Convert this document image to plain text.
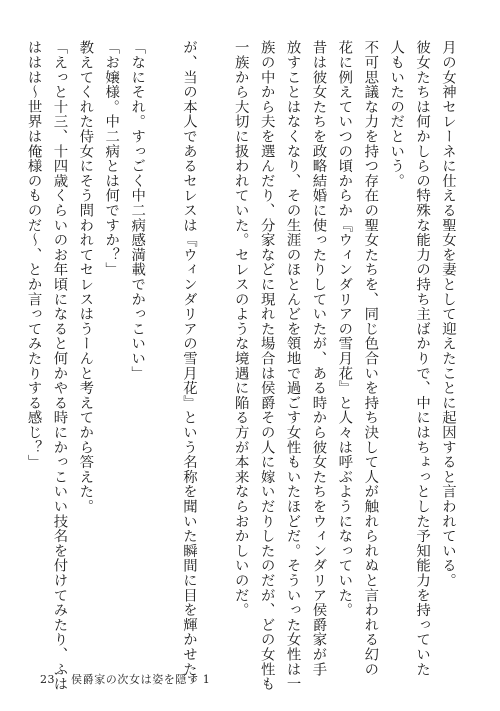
月の女神セレーネに仕える聖女を妻として迎えたことに起因すると言われている。
彼女たちは何かしらの特殊な能力の持ち主ばかりで、中にはちょっとした予知能力を持っていた
人もいたのだという。
不可思議な力を持つ存在の聖女たちを、同じ色合いを持ち決して人が触れられぬと言われる幻の
花に例えていつの頃からか『ウィンダリアの雪月花』と人々は呼ぶようになっていた。
昔は彼女たちを政略結婚に使ったりしていたが、ある時から彼女たちをウィンダリア侯爵家が手
放すことはなくなり、その生涯のほとんどを領地で過ごす女性もいたほどだ。そういった女性は一
族の中から夫を選んだり、分家などに現れた場合は侯爵その人に嫁いだりしたのだが、どの女性も
一族から大切に扱われていた。セレスのような境遇に陥る方が本来ならおかしいのだ。
が、当の本人であるセレスは『ウィンダリアの雪月花』という名称を聞いた瞬間に目を輝かせた。
「なにそれ。すっごく中二病感満載でかっこいい」
「お嬢様。中二病とは何ですか？」
教えてくれた侍女にそう問われてセレスはうーんと考えてから答えた。
「えっと十三、十四歳くらいのお年頃になると何かやる時にかっこいい技名を付けてみたり、ふは
ははは～世界は俺様のものだ～、とか言ってみたりする感じ？」
23 侯爵家の次女は姿を隠す 1
